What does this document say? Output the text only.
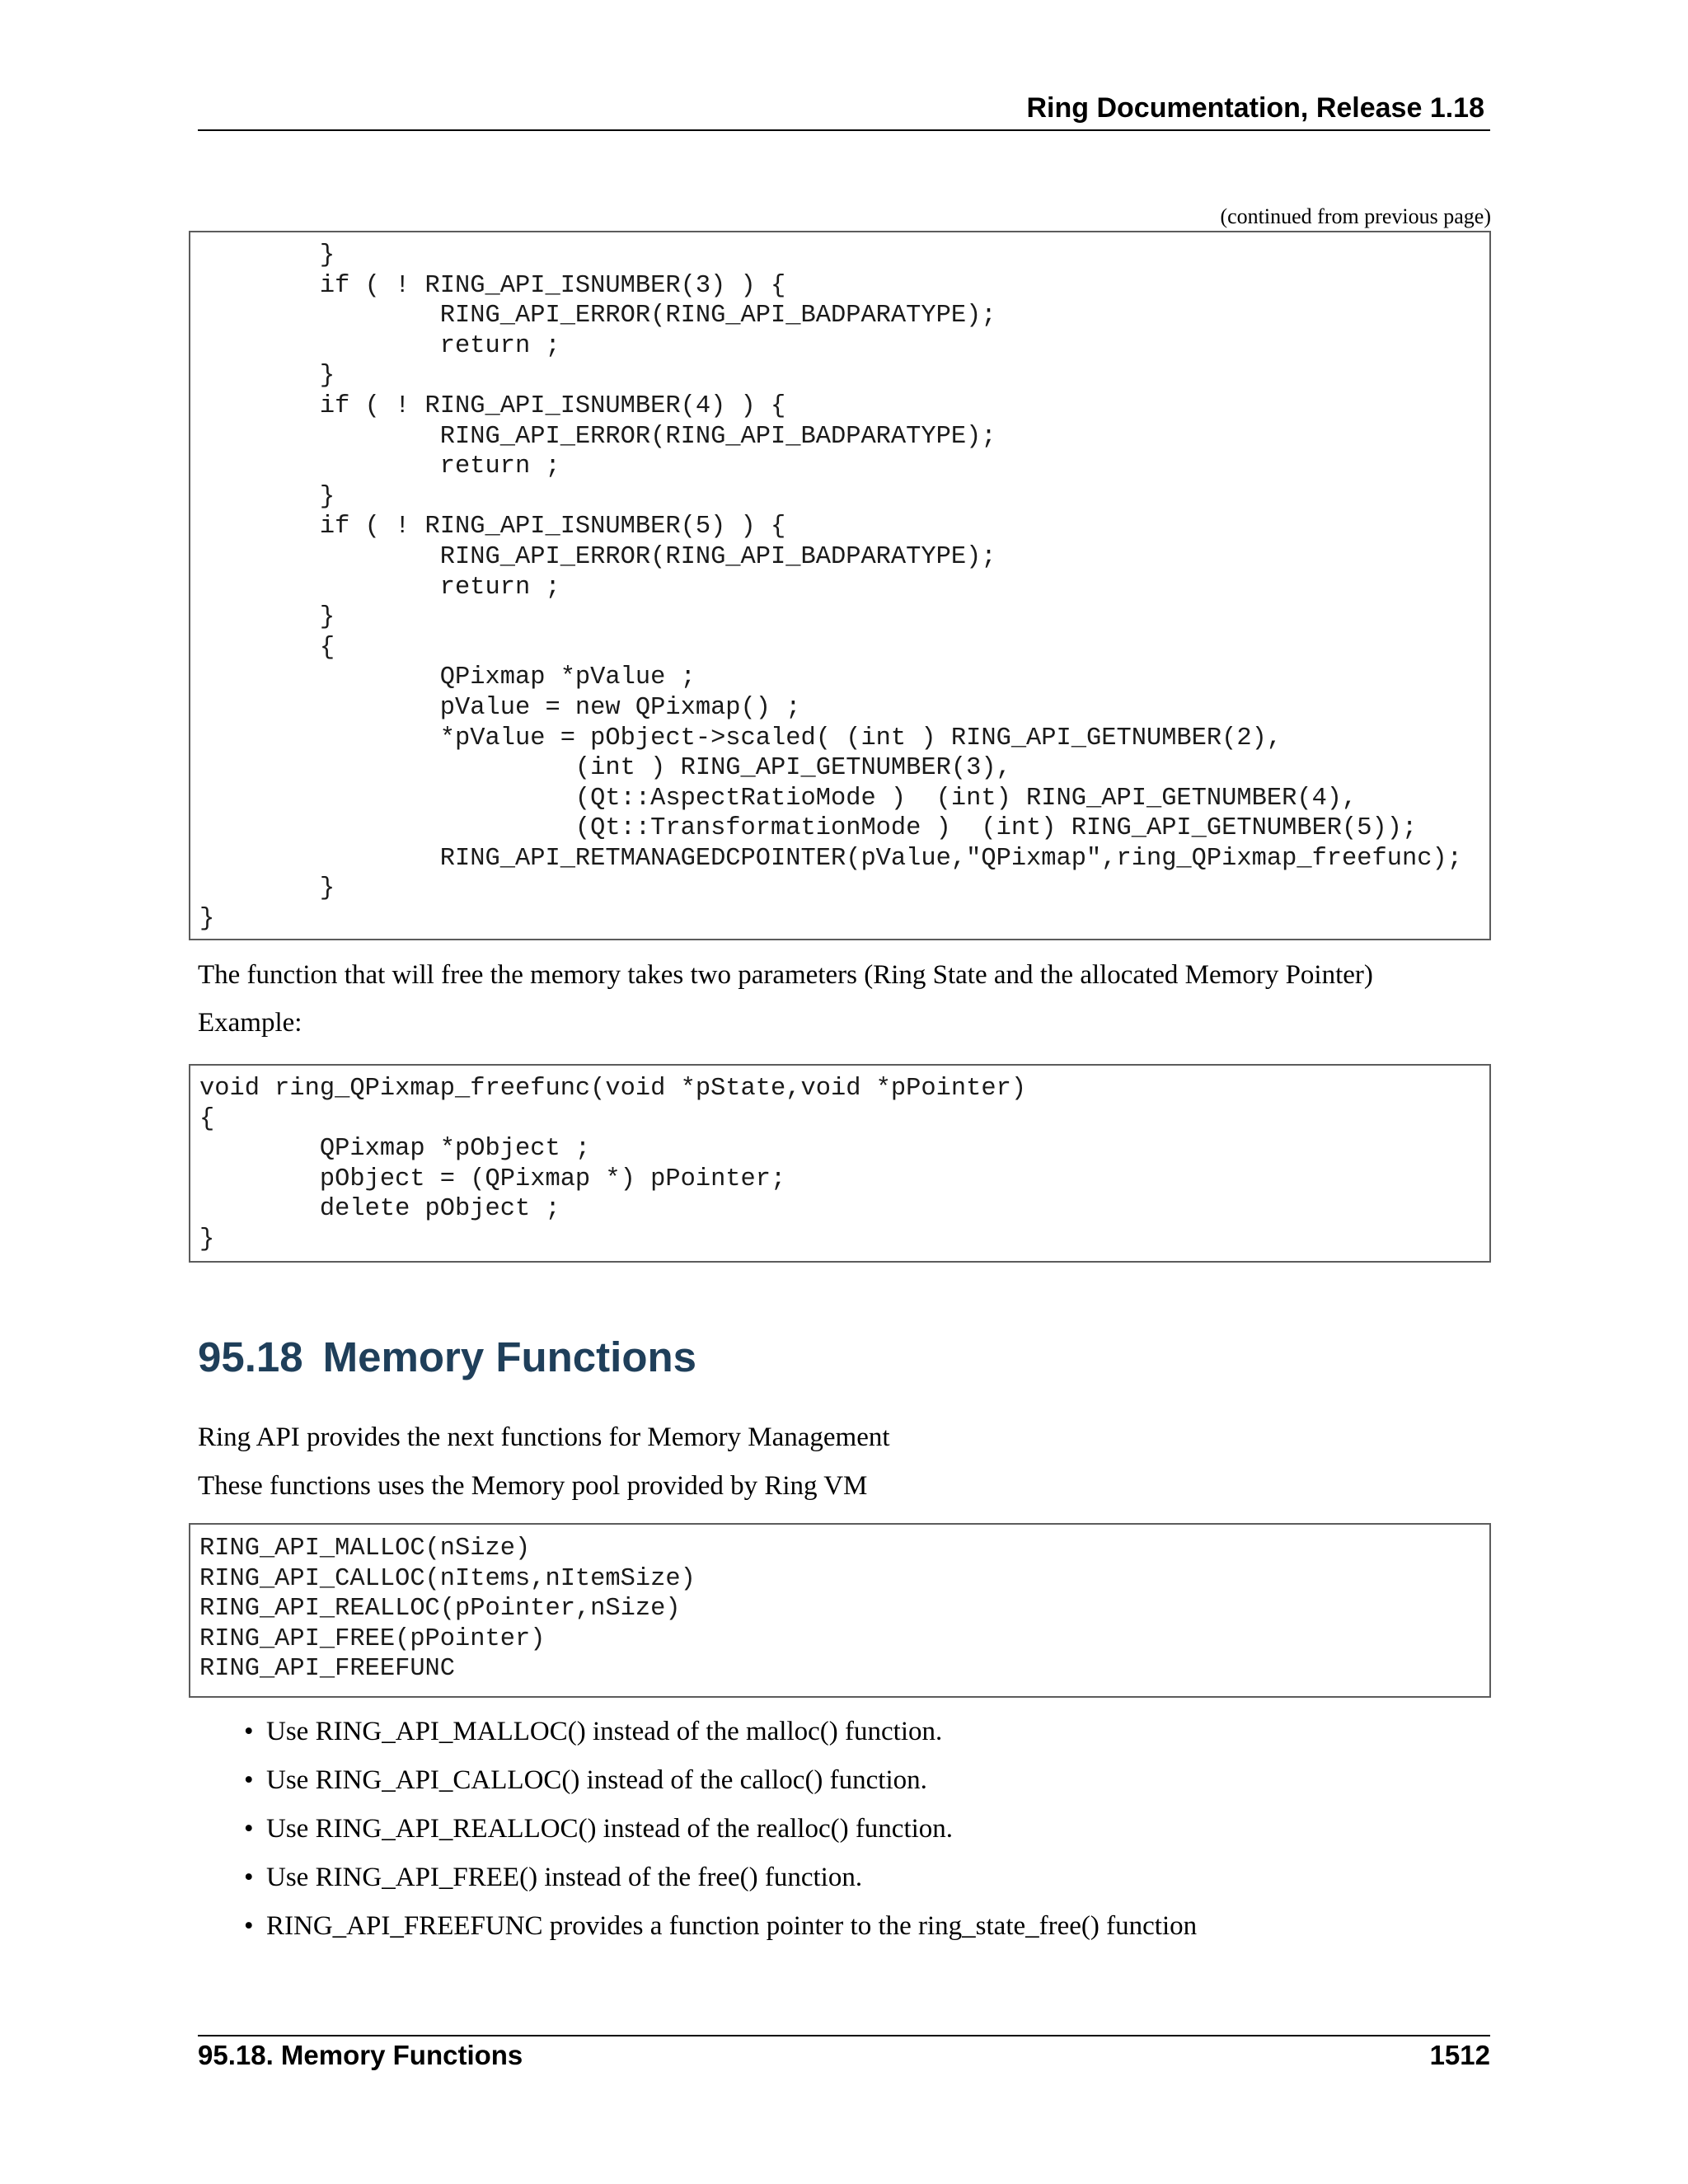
Ring Documentation, Release 1.18
(continued from previous page)
}
if ( ! RING_API_ISNUMBER(3) ) {
RING_API_ERROR(RING_API_BADPARATYPE);
return ;
}
if ( ! RING_API_ISNUMBER(4) ) {
RING_API_ERROR(RING_API_BADPARATYPE);
return ;
}
if ( ! RING_API_ISNUMBER(5) ) {
RING_API_ERROR(RING_API_BADPARATYPE);
return ;
}
{
QPixmap *pValue ;
pValue = new QPixmap() ;
*pValue = pObject->scaled( (int ) RING_API_GETNUMBER(2),
(int ) RING_API_GETNUMBER(3),
(Qt::AspectRatioMode )  (int) RING_API_GETNUMBER(4),
(Qt::TransformationMode )  (int) RING_API_GETNUMBER(5));
RING_API_RETMANAGEDCPOINTER(pValue,"QPixmap",ring_QPixmap_freefunc);
}
}
The function that will free the memory takes two parameters (Ring State and the allocated Memory Pointer)
Example:
void ring_QPixmap_freefunc(void *pState,void *pPointer)
{
QPixmap *pObject ;
pObject = (QPixmap *) pPointer;
delete pObject ;
}
95.18 Memory Functions
Ring API provides the next functions for Memory Management
These functions uses the Memory pool provided by Ring VM
RING_API_MALLOC(nSize)
RING_API_CALLOC(nItems,nItemSize)
RING_API_REALLOC(pPointer,nSize)
RING_API_FREE(pPointer)
RING_API_FREEFUNC
• Use RING_API_MALLOC() instead of the malloc() function.
• Use RING_API_CALLOC() instead of the calloc() function.
• Use RING_API_REALLOC() instead of the realloc() function.
• Use RING_API_FREE() instead of the free() function.
• RING_API_FREEFUNC provides a function pointer to the ring_state_free() function
95.18. Memory Functions	1512
